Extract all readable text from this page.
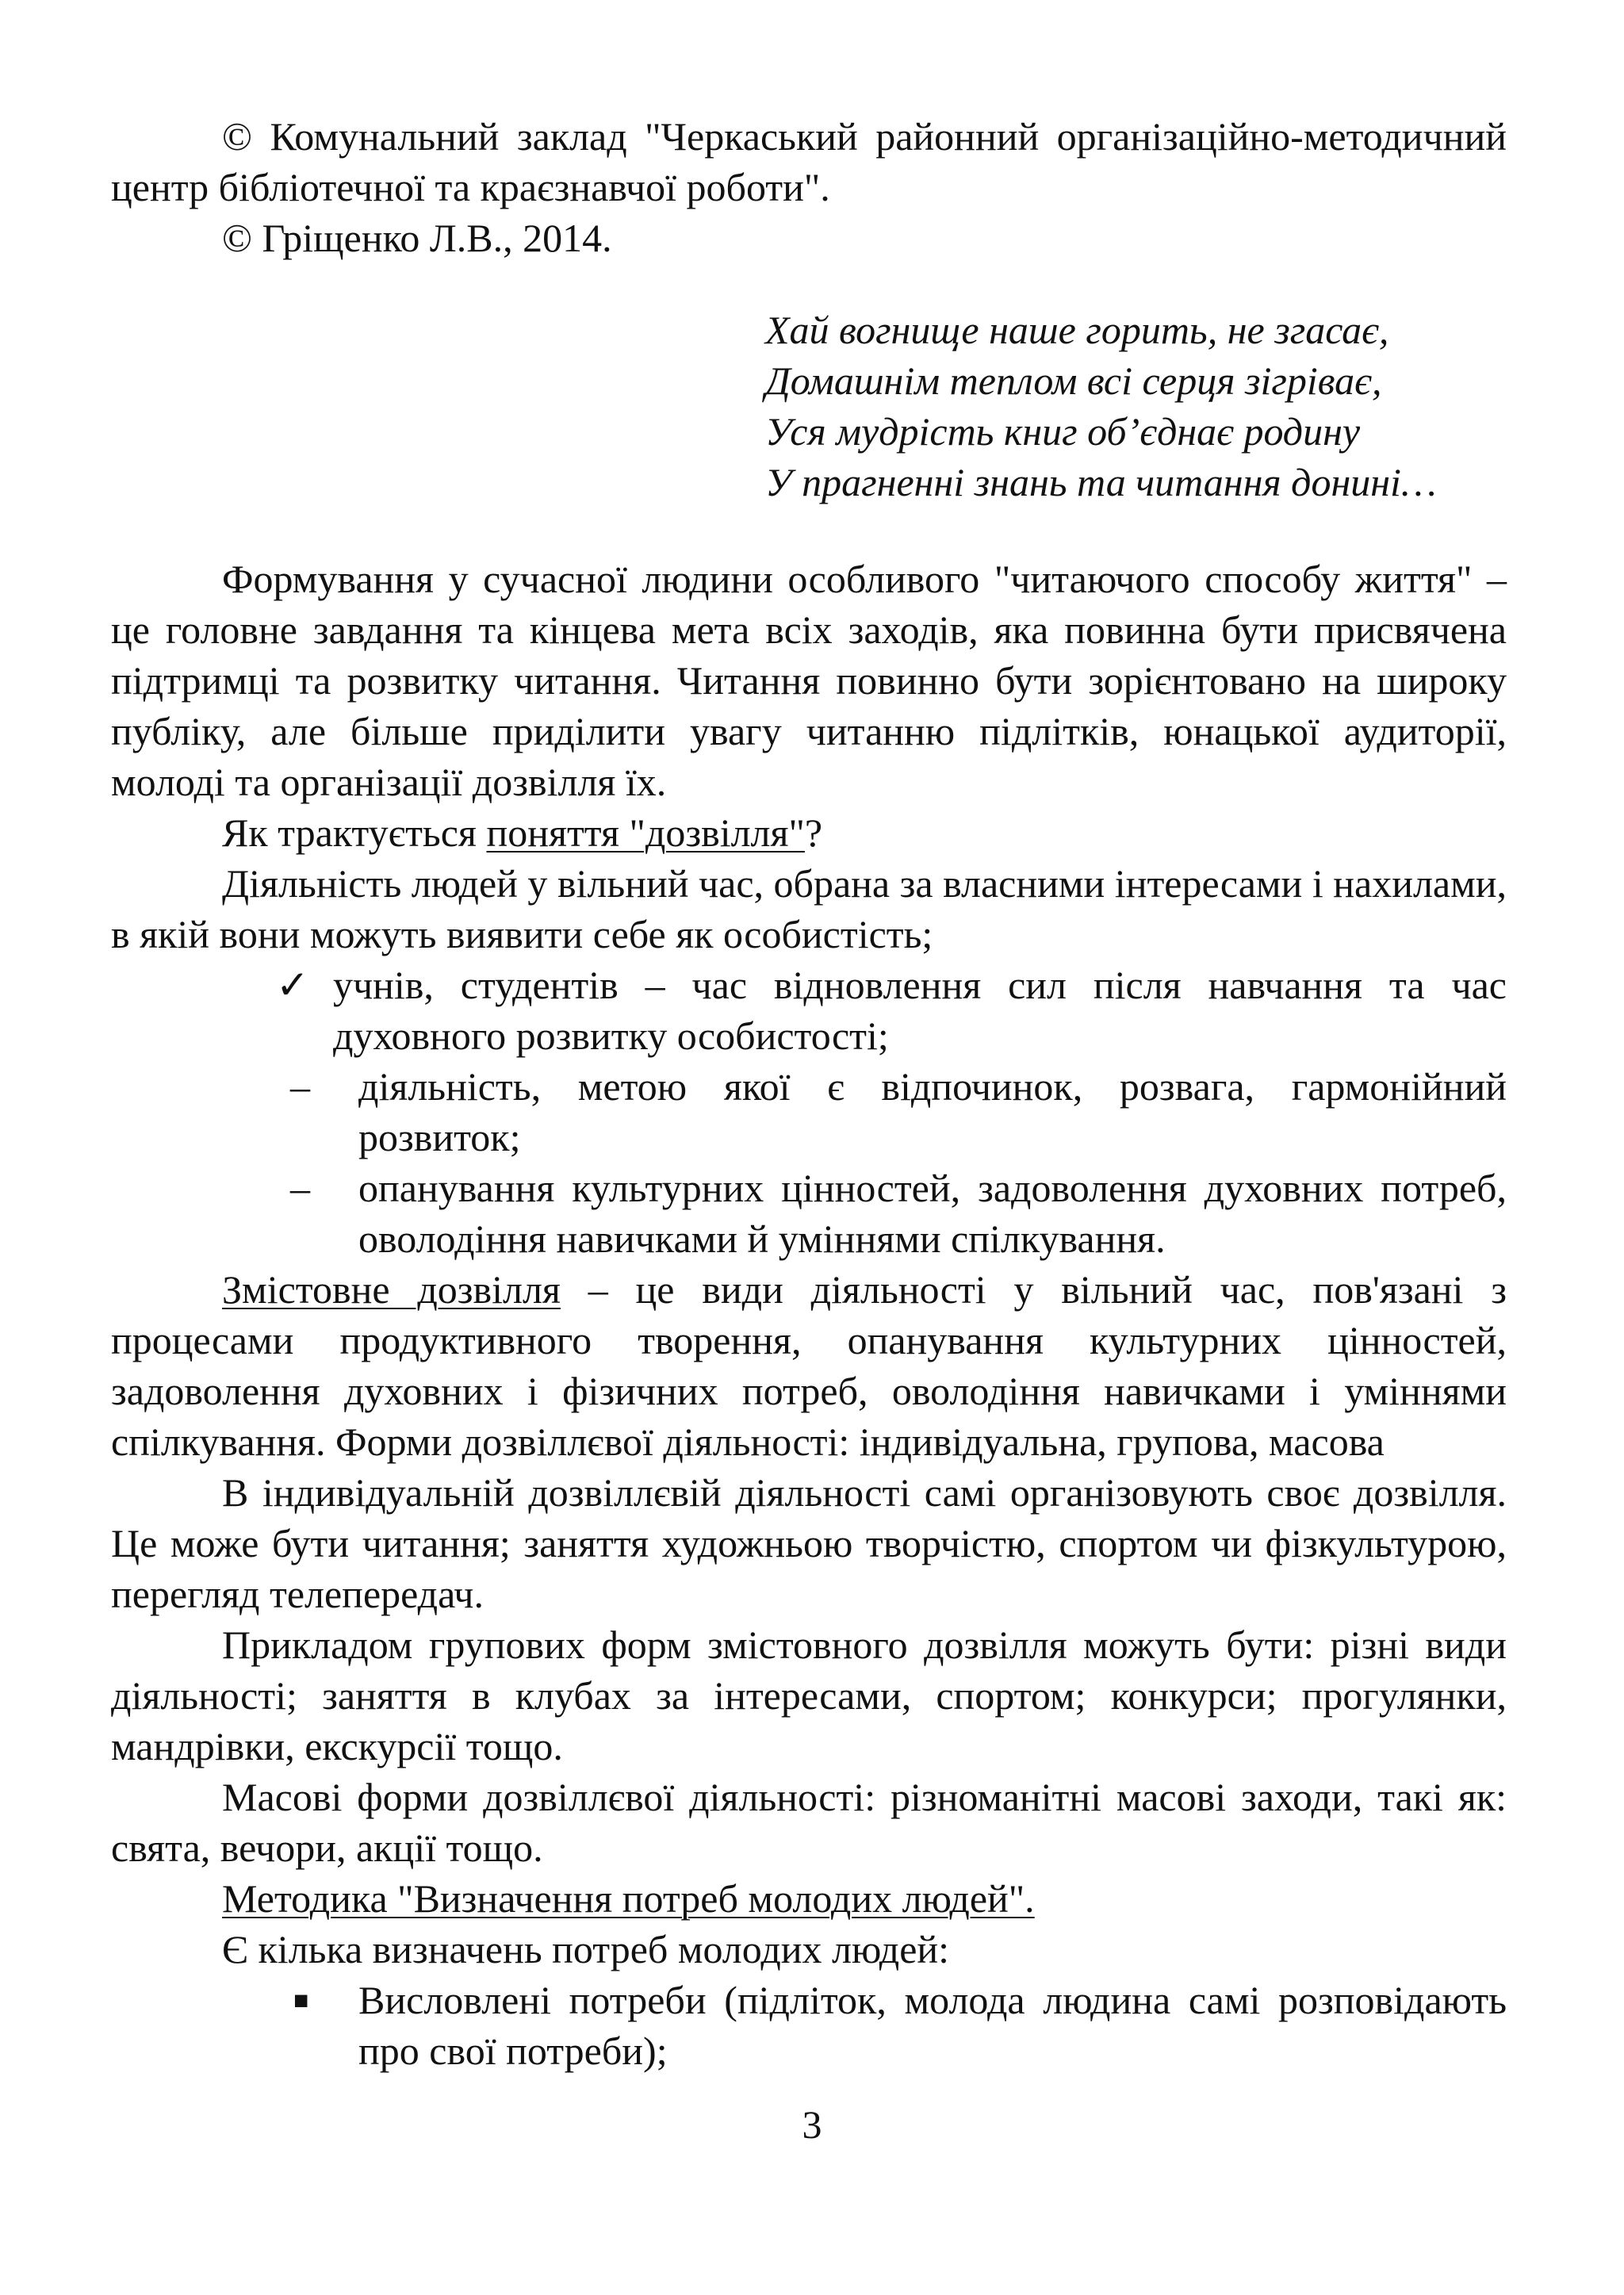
© Комунальний заклад "Черкаський районний організаційно-методичний центр бібліотечної та краєзнавчої роботи".

© Гріщенко Л.В., 2014.

Хай вогнище наше горить, не згасає,
Домашнім теплом всі серця зігріває,
Уся мудрість книг об’єднає родину
У прагненні знань та читання донині…

Формування у сучасної людини особливого "читаючого способу життя" – це головне завдання та кінцева мета всіх заходів, яка повинна бути присвячена підтримці та розвитку читання. Читання повинно бути зорієнтовано на широку публіку, але більше приділити увагу читанню підлітків, юнацької аудиторії, молоді та організації дозвілля їх.

Як трактується поняття "дозвілля"?

Діяльність людей у вільний час, обрана за власними інтересами і нахилами, в якій вони можуть виявити себе як особистість;

✓ учнів, студентів – час відновлення сил після навчання та час духовного розвитку особистості;
– діяльність, метою якої є відпочинок, розвага, гармонійний розвиток;
– опанування культурних цінностей, задоволення духовних потреб, оволодіння навичками й уміннями спілкування.

Змістовне дозвілля – це види діяльності у вільний час, пов'язані з процесами продуктивного творення, опанування культурних цінностей, задоволення духовних і фізичних потреб, оволодіння навичками і уміннями спілкування. Форми дозвіллєвої діяльності: індивідуальна, групова, масова

В індивідуальній дозвіллєвій діяльності самі організовують своє дозвілля. Це може бути читання; заняття художньою творчістю, спортом чи фізкультурою, перегляд телепередач.

Прикладом групових форм змістовного дозвілля можуть бути: різні види діяльності; заняття в клубах за інтересами, спортом; конкурси; прогулянки, мандрівки, екскурсії тощо.

Масові форми дозвіллєвої діяльності: різноманітні масові заходи, такі як: свята, вечори, акції тощо.

Методика "Визначення потреб молодих людей".

Є кілька визначень потреб молодих людей:

■ Висловлені потреби (підліток, молода людина самі розповідають про свої потреби);
3
